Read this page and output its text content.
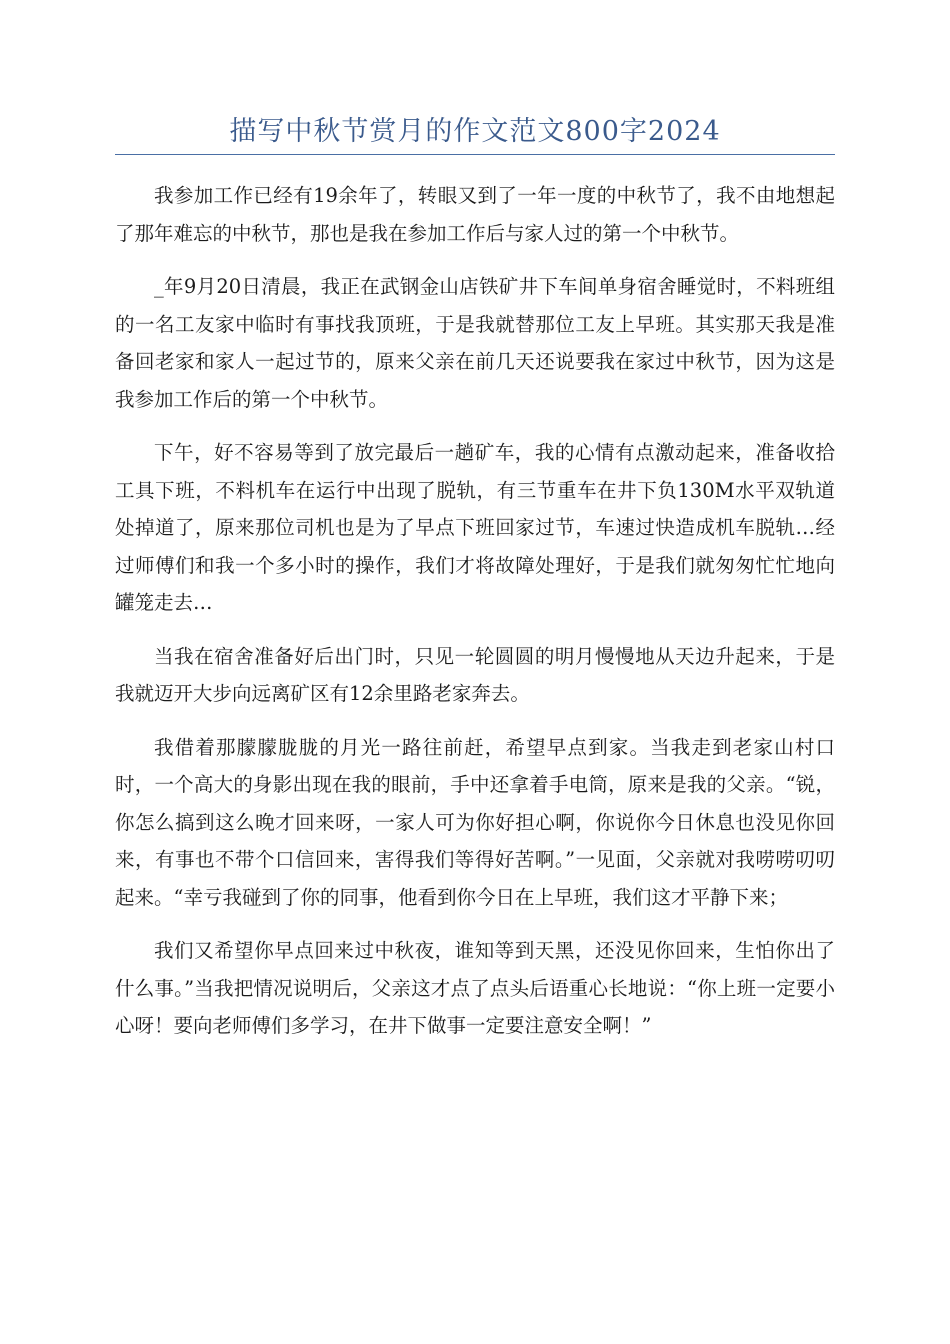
描写中秋节赏月的作文范文800字2024

我参加工作已经有19余年了，转眼又到了一年一度的中秋节了，我不由地想起了那年难忘的中秋节，那也是我在参加工作后与家人过的第一个中秋节。

_年9月20日清晨，我正在武钢金山店铁矿井下车间单身宿舍睡觉时，不料班组的一名工友家中临时有事找我顶班，于是我就替那位工友上早班。其实那天我是准备回老家和家人一起过节的，原来父亲在前几天还说要我在家过中秋节，因为这是我参加工作后的第一个中秋节。

下午，好不容易等到了放完最后一趟矿车，我的心情有点激动起来，准备收拾工具下班，不料机车在运行中出现了脱轨，有三节重车在井下负130M水平双轨道处掉道了，原来那位司机也是为了早点下班回家过节，车速过快造成机车脱轨…经过师傅们和我一个多小时的操作，我们才将故障处理好，于是我们就匆匆忙忙地向罐笼走去…

当我在宿舍准备好后出门时，只见一轮圆圆的明月慢慢地从天边升起来，于是我就迈开大步向远离矿区有12余里路老家奔去。

我借着那朦朦胧胧的月光一路往前赶，希望早点到家。当我走到老家山村口时，一个高大的身影出现在我的眼前，手中还拿着手电筒，原来是我的父亲。“锐，你怎么搞到这么晚才回来呀，一家人可为你好担心啊，你说你今日休息也没见你回来，有事也不带个口信回来，害得我们等得好苦啊。”一见面，父亲就对我唠唠叨叨起来。“幸亏我碰到了你的同事，他看到你今日在上早班，我们这才平静下来；

我们又希望你早点回来过中秋夜，谁知等到天黑，还没见你回来，生怕你出了什么事。”当我把情况说明后，父亲这才点了点头后语重心长地说：“你上班一定要小心呀！要向老师傅们多学习，在井下做事一定要注意安全啊！”
